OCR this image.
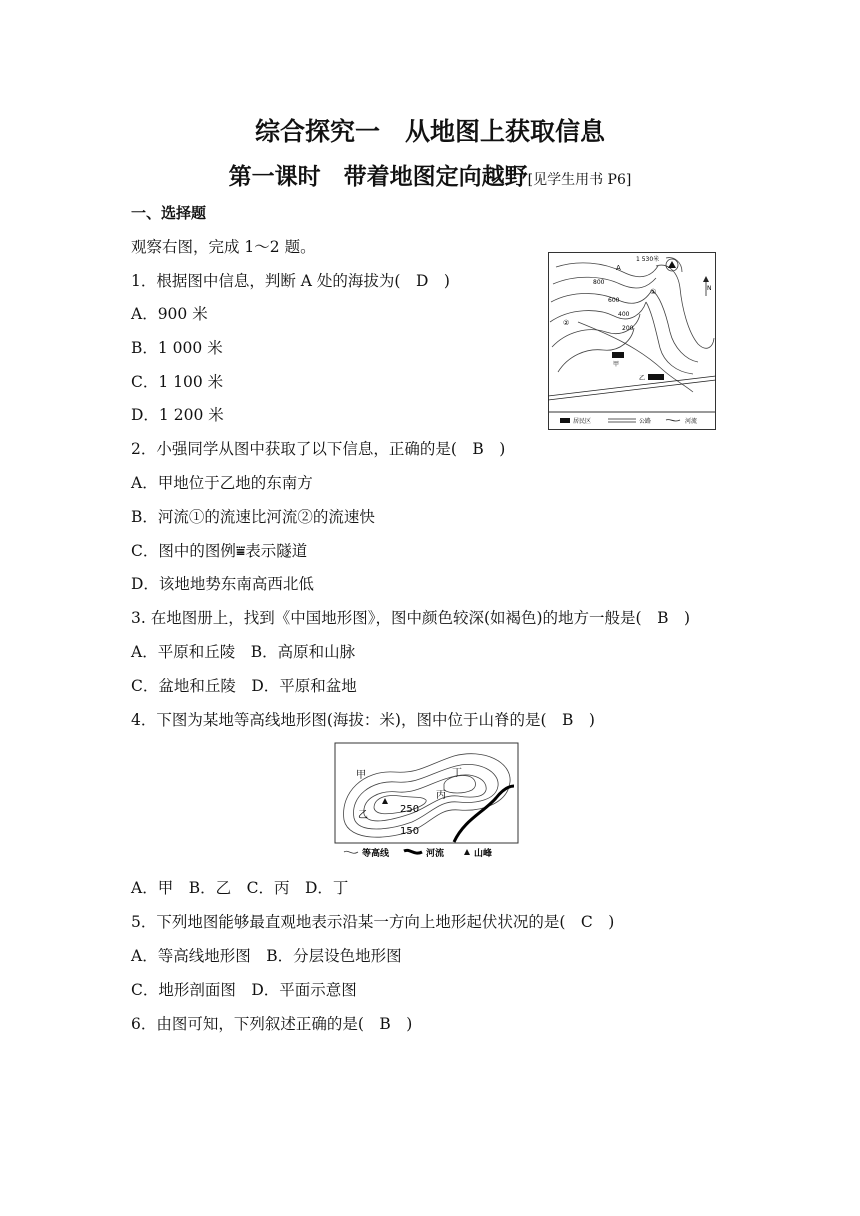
综合探究一　从地图上获取信息
第一课时　带着地图定向越野[见学生用书 P6]
一、选择题
观察右图，完成 1～2 题。
1．根据图中信息，判断 A 处的海拔为(　D　)
A．900 米
B．1 000 米
C．1 100 米
D．1 200 米
2．小强同学从图中获取了以下信息，正确的是(　B　)
A．甲地位于乙地的东南方
B．河流①的流速比河流②的流速快
C．图中的图例⩸表示隧道
D．该地地势东南高西北低
3. 在地图册上，找到《中国地形图》，图中颜色较深(如褐色)的地方一般是(　B　)
A．平原和丘陵　B．高原和山脉
C．盆地和丘陵　D．平原和盆地
4．下图为某地等高线地形图(海拔：米)，图中位于山脊的是(　B　)
A．甲　B．乙　C．丙　D．丁
5．下列地图能够最直观地表示沿某一方向上地形起伏状况的是(　C　)
A．等高线地形图　B．分层设色地形图
C．地形剖面图　D．平面示意图
6．由图可知，下列叙述正确的是(　B　)
1 530米
A
800
600
400
200
①
②
N
甲
乙
居民区	公路	河流
甲
乙
丙
丁
250
150
等高线	河流	山峰
